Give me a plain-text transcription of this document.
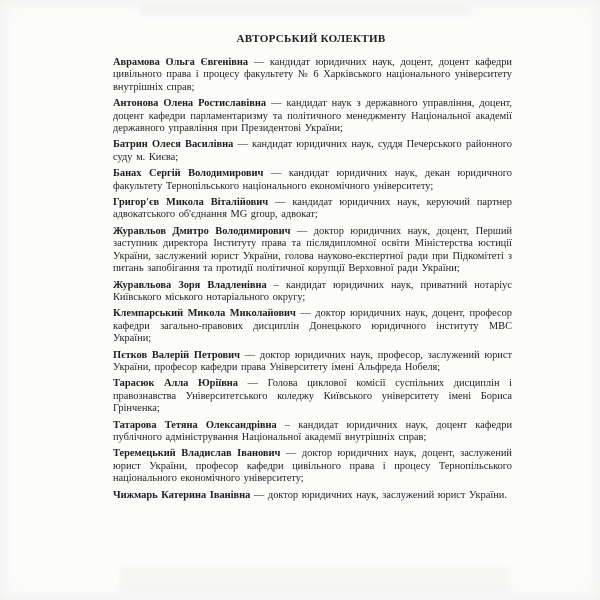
АВТОРСЬКИЙ КОЛЕКТИВ

Аврамова Ольга Євгенівна — кандидат юридичних наук, доцент, доцент кафедри цивільного права і процесу факультету № 6 Харківського національного університету внутрішніх справ;

Антонова Олена Ростиславівна — кандидат наук з державного управління, доцент, доцент кафедри парламентаризму та політичного менеджменту Національної академії державного управління при Президентові України;

Батрин Олеся Василівна — кандидат юридичних наук, суддя Печерського районного суду м. Києва;

Банах Сергій Володимирович — кандидат юридичних наук, декан юридичного факультету Тернопільського національного економічного університету;

Григор'єв Микола Віталійович — кандидат юридичних наук, керуючий партнер адвокатського об'єднання MG group, адвокат;

Журавльов Дмитро Володимирович — доктор юридичних наук, доцент, Перший заступник директора Інституту права та післядипломної освіти Міністерства юстиції України, заслужений юрист України, голова науково-експертної ради при Підкомітеті з питань запобігання та протидії політичної корупції Верховної ради України;

Журавльова Зоря Владленівна – кандидат юридичних наук, приватний нотаріус Київського міського нотаріального округу;

Клемпарський Микола Миколайович — доктор юридичних наук, доцент, професор кафедри загально-правових дисциплін Донецького юридичного інституту МВС України;

Пєтков Валерій Петрович — доктор юридичних наук, професор, заслужений юрист України, професор кафедри права Університету імені Альфреда Нобеля;

Тарасюк Алла Юріївна — Голова циклової комісії суспільних дисциплін і правознавства Університетського коледжу Київського університету імені Бориса Грінченка;

Татарова Тетяна Олександрівна – кандидат юридичних наук, доцент кафедри публічного адміністрування Національної академії внутрішніх справ;

Теремецький Владислав Іванович — доктор юридичних наук, доцент, заслужений юрист України, професор кафедри цивільного права і процесу Тернопільського національного економічного університету;

Чижмарь Катерина Іванівна — доктор юридичних наук, заслужений юрист України.
